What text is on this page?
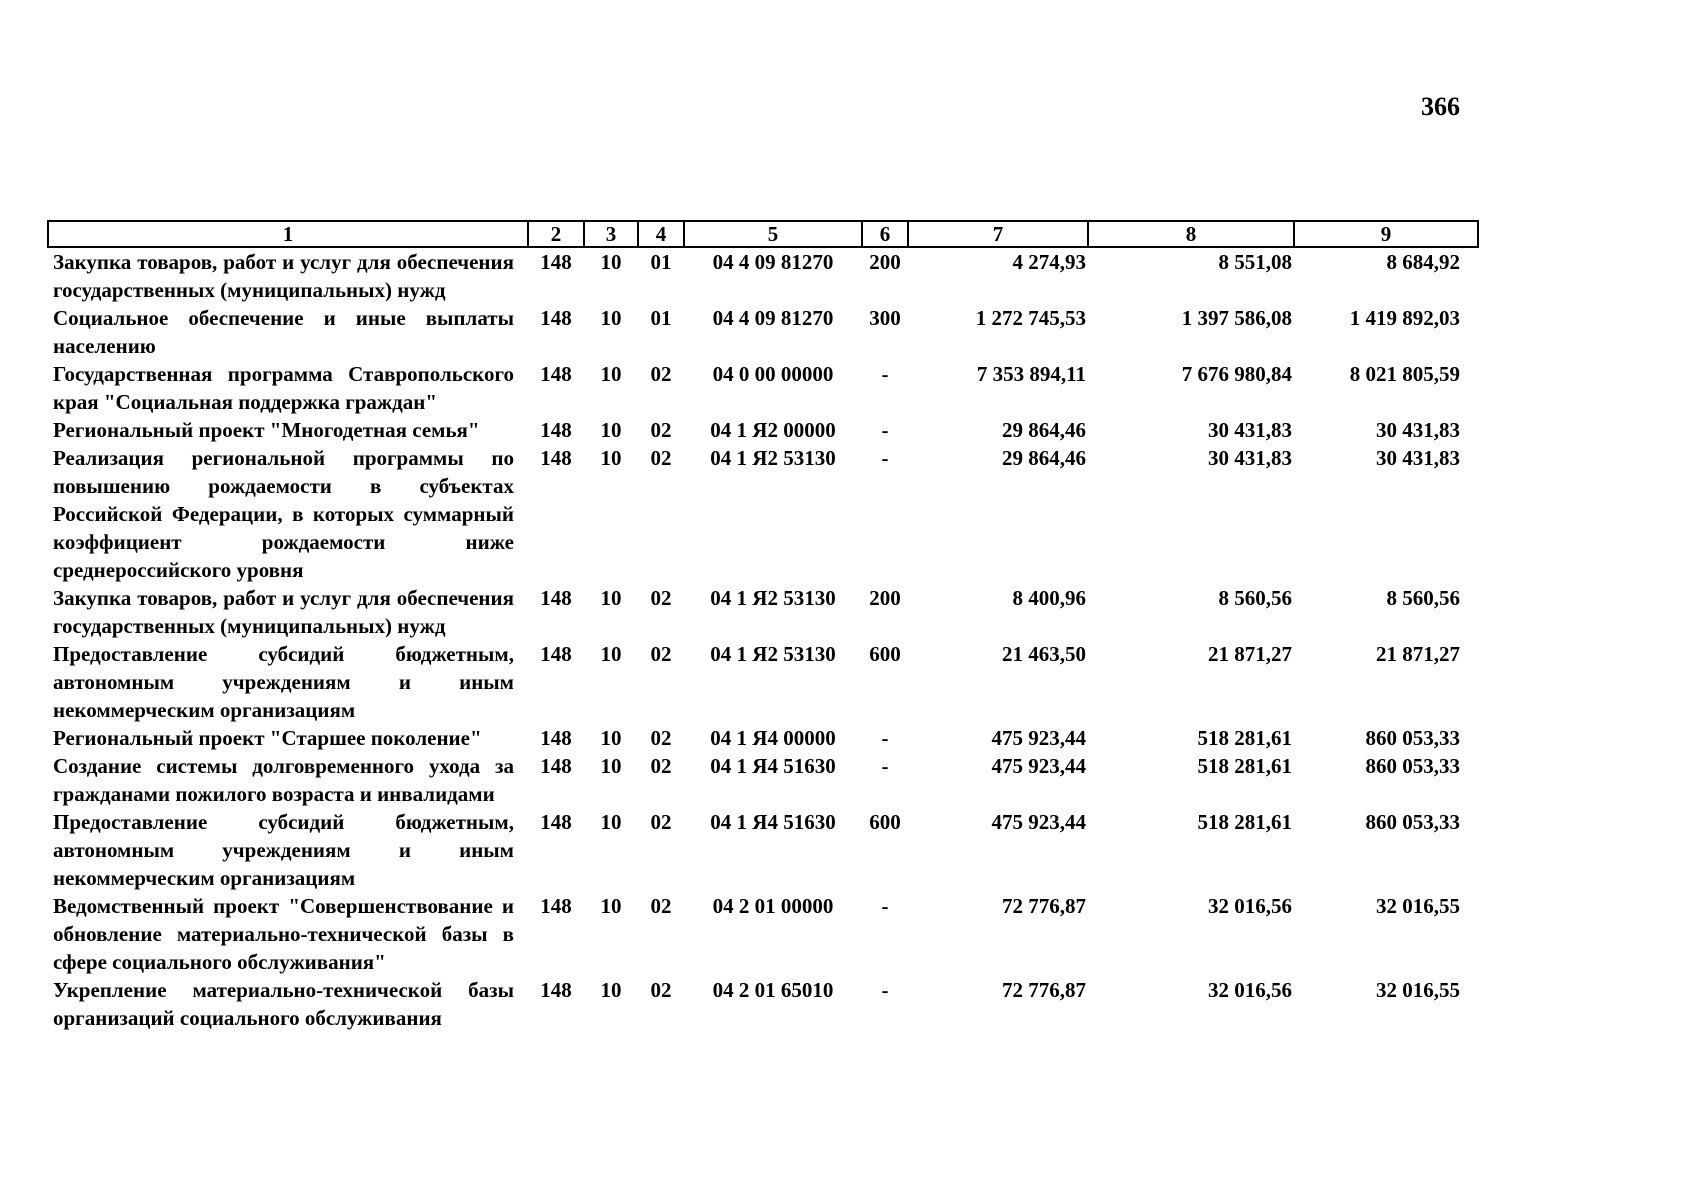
366
1	2	3	4	5	6	7	8	9
Закупка товаров, работ и услуг для обеспечения государственных (муниципальных) нужд	148	10	01	04 4 09 81270	200	4 274,93	8 551,08	8 684,92
Социальное обеспечение и иные выплаты населению	148	10	01	04 4 09 81270	300	1 272 745,53	1 397 586,08	1 419 892,03
Государственная программа Ставропольского края "Социальная поддержка граждан"	148	10	02	04 0 00 00000	-	7 353 894,11	7 676 980,84	8 021 805,59
Региональный проект "Многодетная семья"	148	10	02	04 1 Я2 00000	-	29 864,46	30 431,83	30 431,83
Реализация региональной программы по повышению рождаемости в субъектах Российской Федерации, в которых суммарный коэффициент рождаемости ниже среднероссийского уровня	148	10	02	04 1 Я2 53130	-	29 864,46	30 431,83	30 431,83
Закупка товаров, работ и услуг для обеспечения государственных (муниципальных) нужд	148	10	02	04 1 Я2 53130	200	8 400,96	8 560,56	8 560,56
Предоставление субсидий бюджетным, автономным учреждениям и иным некоммерческим организациям	148	10	02	04 1 Я2 53130	600	21 463,50	21 871,27	21 871,27
Региональный проект "Старшее поколение"	148	10	02	04 1 Я4 00000	-	475 923,44	518 281,61	860 053,33
Создание системы долговременного ухода за гражданами пожилого возраста и инвалидами	148	10	02	04 1 Я4 51630	-	475 923,44	518 281,61	860 053,33
Предоставление субсидий бюджетным, автономным учреждениям и иным некоммерческим организациям	148	10	02	04 1 Я4 51630	600	475 923,44	518 281,61	860 053,33
Ведомственный проект "Совершенствование и обновление материально-технической базы в сфере социального обслуживания"	148	10	02	04 2 01 00000	-	72 776,87	32 016,56	32 016,55
Укрепление материально-технической базы организаций социального обслуживания	148	10	02	04 2 01 65010	-	72 776,87	32 016,56	32 016,55
